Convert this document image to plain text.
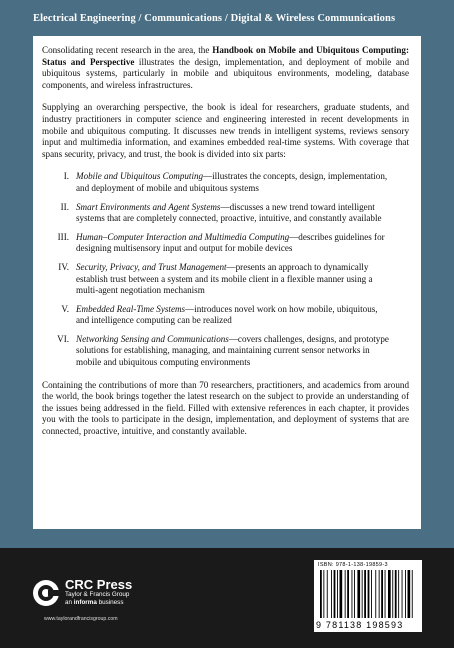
Electrical Engineering / Communications / Digital & Wireless Communications

Consolidating recent research in the area, the Handbook on Mobile and Ubiquitous Computing: Status and Perspective illustrates the design, implementation, and deployment of mobile and ubiquitous systems, particularly in mobile and ubiquitous environments, modeling, database components, and wireless infrastructures.

Supplying an overarching perspective, the book is ideal for researchers, graduate students, and industry practitioners in computer science and engineering interested in recent developments in mobile and ubiquitous computing. It discusses new trends in intelligent systems, reviews sensory input and multimedia information, and examines embedded real-time systems. With coverage that spans security, privacy, and trust, the book is divided into six parts:

I. Mobile and Ubiquitous Computing—illustrates the concepts, design, implementation, and deployment of mobile and ubiquitous systems
II. Smart Environments and Agent Systems—discusses a new trend toward intelligent systems that are completely connected, proactive, intuitive, and constantly available
III. Human–Computer Interaction and Multimedia Computing—describes guidelines for designing multisensory input and output for mobile devices
IV. Security, Privacy, and Trust Management—presents an approach to dynamically establish trust between a system and its mobile client in a flexible manner using a multi-agent negotiation mechanism
V. Embedded Real-Time Systems—introduces novel work on how mobile, ubiquitous, and intelligence computing can be realized
VI. Networking Sensing and Communications—covers challenges, designs, and prototype solutions for establishing, managing, and maintaining current sensor networks in mobile and ubiquitous computing environments

Containing the contributions of more than 70 researchers, practitioners, and academics from around the world, the book brings together the latest research on the subject to provide an understanding of the issues being addressed in the field. Filled with extensive references in each chapter, it provides you with the tools to participate in the design, implementation, and deployment of systems that are connected, proactive, intuitive, and constantly available.

CRC Press
Taylor & Francis Group
an informa business
www.taylorandfrancisgroup.com
ISBN: 978-1-138-19859-3
9 781138 198593
